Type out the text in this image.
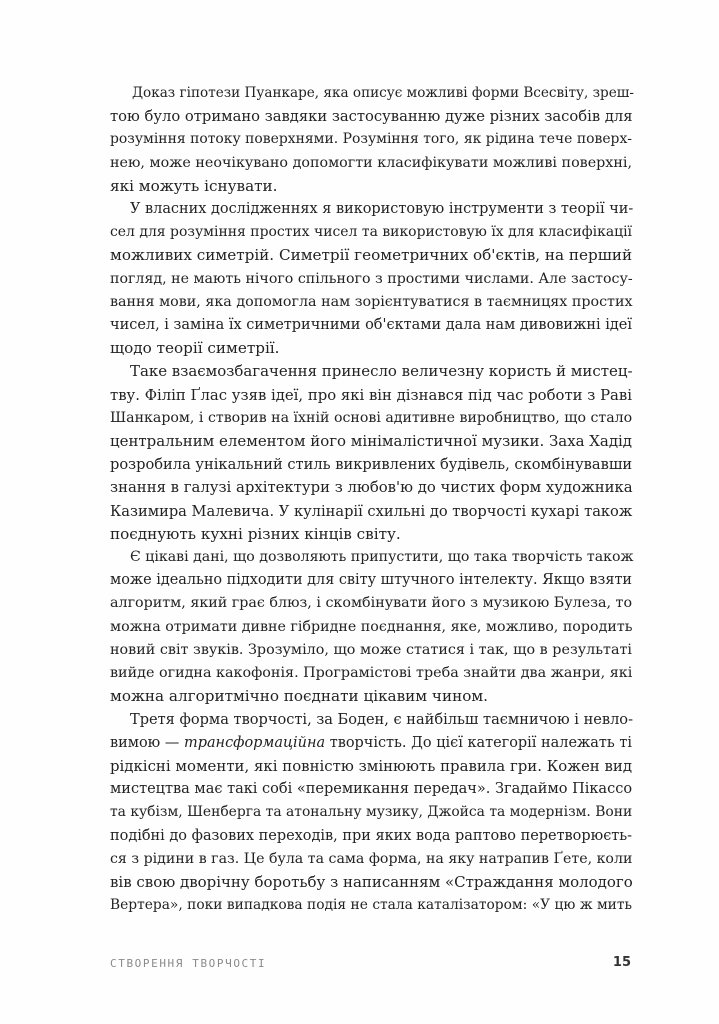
Доказ гіпотези Пуанкаре, яка описує можливі форми Всесвіту, зреш-
тою було отримано завдяки застосуванню дуже різних засобів для
розуміння потоку поверхнями. Розуміння того, як рідина тече поверх-
нею, може неочікувано допомогти класифікувати можливі поверхні,
які можуть існувати.
У власних дослідженнях я використовую інструменти з теорії чи-
сел для розуміння простих чисел та використовую їх для класифікації
можливих симетрій. Симетрії геометричних об'єктів, на перший
погляд, не мають нічого спільного з простими числами. Але застосу-
вання мови, яка допомогла нам зорієнтуватися в таємницях простих
чисел, і заміна їх симетричними об'єктами дала нам дивовижні ідеї
щодо теорії симетрії.
Таке взаємозбагачення принесло величезну користь й мистец-
тву. Філіп Ґлас узяв ідеї, про які він дізнався під час роботи з Раві
Шанкаром, і створив на їхній основі адитивне виробництво, що стало
центральним елементом його мінімалістичної музики. Заха Хадід
розробила унікальний стиль викривлених будівель, скомбінувавши
знання в галузі архітектури з любов'ю до чистих форм художника
Казимира Малевича. У кулінарії схильні до творчості кухарі також
поєднують кухні різних кінців світу.
Є цікаві дані, що дозволяють припустити, що така творчість також
може ідеально підходити для світу штучного інтелекту. Якщо взяти
алгоритм, який грає блюз, і скомбінувати його з музикою Булеза, то
можна отримати дивне гібридне поєднання, яке, можливо, породить
новий світ звуків. Зрозуміло, що може статися і так, що в результаті
вийде огидна какофонія. Програмістові треба знайти два жанри, які
можна алгоритмічно поєднати цікавим чином.
Третя форма творчості, за Боден, є найбільш таємничою і невло-
вимою — трансформаційна творчість. До цієї категорії належать ті
рідкісні моменти, які повністю змінюють правила гри. Кожен вид
мистецтва має такі собі «перемикання передач». Згадаймо Пікассо
та кубізм, Шенберга та атональну музику, Джойса та модернізм. Вони
подібні до фазових переходів, при яких вода раптово перетворюєть-
ся з рідини в газ. Це була та сама форма, на яку натрапив Ґете, коли
вів свою дворічну боротьбу з написанням «Страждання молодого
Вертера», поки випадкова подія не стала каталізатором: «У цю ж мить
СТВОРЕННЯ ТВОРЧОСТІ	15
